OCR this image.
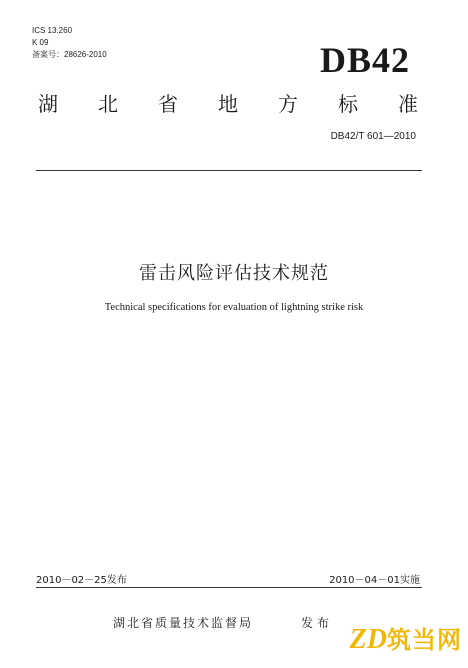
ICS 13.260
K 09
备案号：28626-2010	DB42
湖 北 省 地 方 标 准
DB42/T 601—2010
雷击风险评估技术规范
Technical specifications for evaluation of lightning strike risk
2010－02－25发布	2010－04－01实施
湖北省质量技术监督局	发布
ZD 筑当网
